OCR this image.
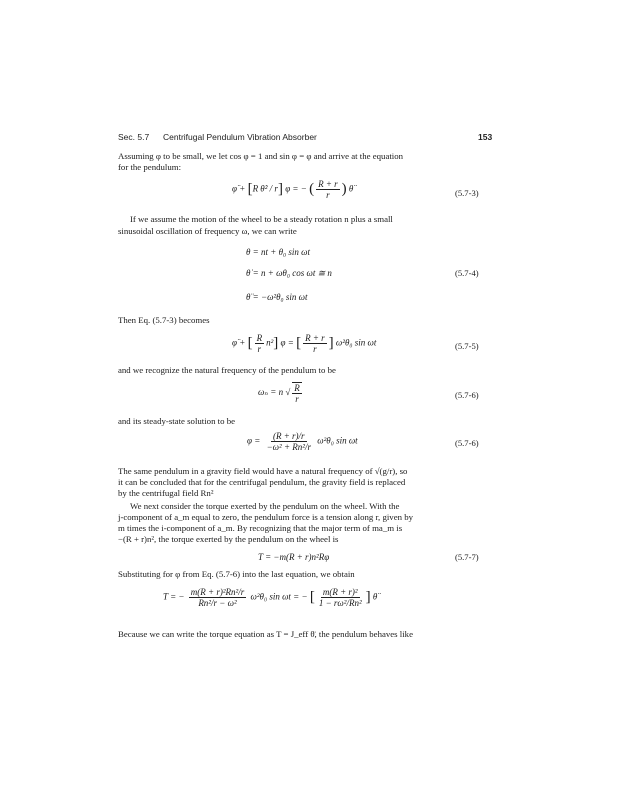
Sec. 5.7 Centrifugal Pendulum Vibration Absorber	153
Assuming φ to be small, we let cos φ = 1 and sin φ = φ and arrive at the equation
for the pendulum:
φ̈ + [R θ̇² / r] φ = − ( $\frac{R + r}{r}$ ) θ̈	(5.7-3)
If we assume the motion of the wheel to be a steady rotation n plus a small
sinusoidal oscillation of frequency ω, we can write
θ = nt + θ₀ sin ωt
θ̇ = n + ωθ₀ cos ωt ≅ n
θ̈ = −ω²θ₀ sin ωt
(5.7-4)
Then Eq. (5.7-3) becomes
φ̈ + [ $\frac{R}{r} n^2$] φ = [ $\frac{R + r}{r}$ ] ω²θ₀ sin ωt	(5.7-5)
and we recognize the natural frequency of the pendulum to be
ωₙ = n √ $\frac{R}{r}$	(5.7-6)
and its steady-state solution to be
$\varphi = \frac{(R + r)/r}{\text{−ω² + Rn²/r}} \omega^2\theta_0$ sin ωt	(5.7-6)
The same pendulum in a gravity field would have a natural frequency of √(g/r), so
it can be concluded that for the centrifugal pendulum, the gravity field is replaced
by the centrifugal field Rn²
We next consider the torque exerted by the pendulum on the wheel. With the
j-component of a_m equal to zero, the pendulum force is a tension along r, given by
m times the i-component of a_m. By recognizing that the major term of ma_m is
−(R + r)n², the torque exerted by the pendulum on the wheel is
T = −m(R + r)n²Rφ	(5.7-7)
Substituting for φ from Eq. (5.7-6) into the last equation, we obtain
T = − $\frac{\text{m(R + r)²Rn²/r}}{\text{Rn²/r − ω²}} \omega^2\theta_0$ sin ωt = − [ $\frac{\text{m(R + r)²}}{\text{1 − rω²/Rn²}}$ ] θ̈
Because we can write the torque equation as T = J_eff θ̈, the pendulum behaves like
